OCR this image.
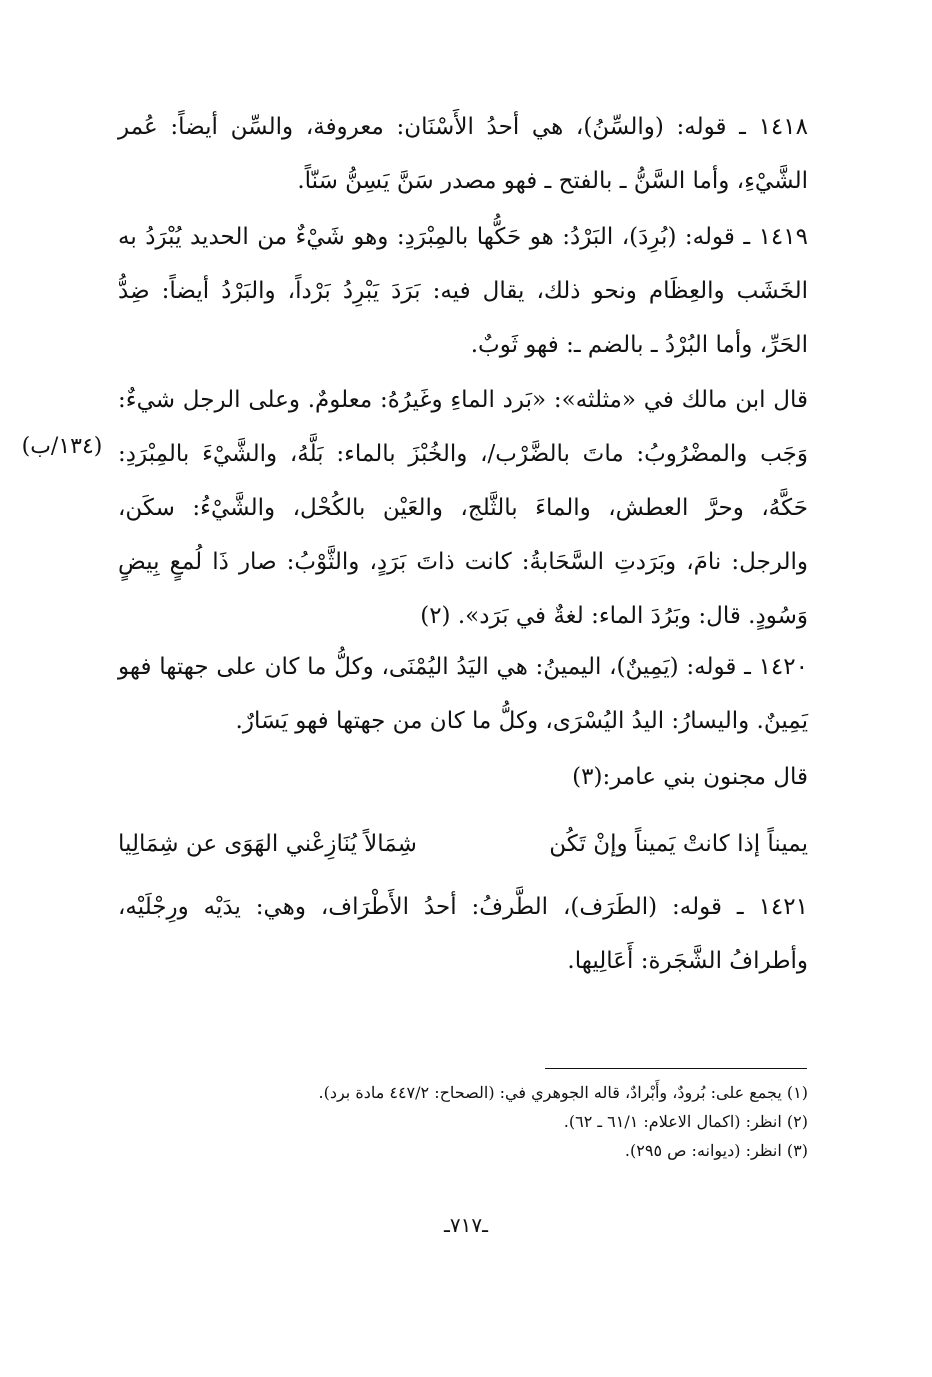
١٤١٨ ـ قوله: (والسِّنُ)، هي أحدُ الأَسْنَان: معروفة، والسِّن أيضاً: عُمر الشَّيْءِ، وأما السَّنُّ ـ بالفتح ـ فهو مصدر سَنَّ يَسِنُّ سَنّاً.

١٤١٩ ـ قوله: (بُرِدَ)، البَرْدُ: هو حَكُّها بالمِبْرَدِ: وهو شَيْءٌ من الحديد يُبْرَدُ به الخَشَب والعِظَام ونحو ذلك، يقال فيه: بَرَدَ يَبْرِدُ بَرْداً، والبَرْدُ أيضاً: ضِدُّ الحَرِّ، وأما البُرْدُ ـ بالضم ـ: فهو ثَوبٌ.

قال ابن مالك في «مثلثه»: «بَرد الماءِ وغَيرُهُ: معلومٌ. وعلى الرجل شيءٌ: وَجَب والمضْرُوبُ: ماتَ بالضَّرْب/، والخُبْزَ بالماء: بَلَّهُ، والشَّيْءَ بالمِبْرَدِ: حَكَّهُ، وحرَّ العطش، والماءَ بالثَّلج، والعَيْن بالكُحْل، والشَّيْءُ: سكَن، والرجل: نامَ، وبَرَدتِ السَّحَابةُ: كانت ذاتَ بَرَدٍ، والثَّوْبُ: صار ذَا لُمعٍ بِيضٍ وَسُودٍ. قال: وبَرُدَ الماء: لغةٌ في بَرَد». (٢)

(١٣٤/ب)

١٤٢٠ ـ قوله: (يَمِينٌ)، اليمينُ: هي اليَدُ اليُمْنَى، وكلُّ ما كان على جهتها فهو يَمِينٌ. واليسارُ: اليدُ اليُسْرَى، وكلُّ ما كان من جهتها فهو يَسَارٌ.

قال مجنون بني عامر:(٣)

يميناً إذا كانتْ يَميناً وإنْ تَكُن
شِمَالاً يُنَازِعْني الهَوَى عن شِمَالِيا

١٤٢١ ـ قوله: (الطَرَف)، الطَّرفُ: أحدُ الأَطْرَاف، وهي: يدَيْه ورِجْلَيْه، وأطرافُ الشَّجَرة: أَعَالِيها.

(١) يجمع على: بُرودٌ، وأَبْرادٌ، قاله الجوهري في: (الصحاح: ٤٤٧/٢ مادة برد).

(٢) انظر: (اكمال الاعلام: ٦١/١ ـ ٦٢).

(٣) انظر: (ديوانه: ص ٢٩٥).

ـ٧١٧ـ
